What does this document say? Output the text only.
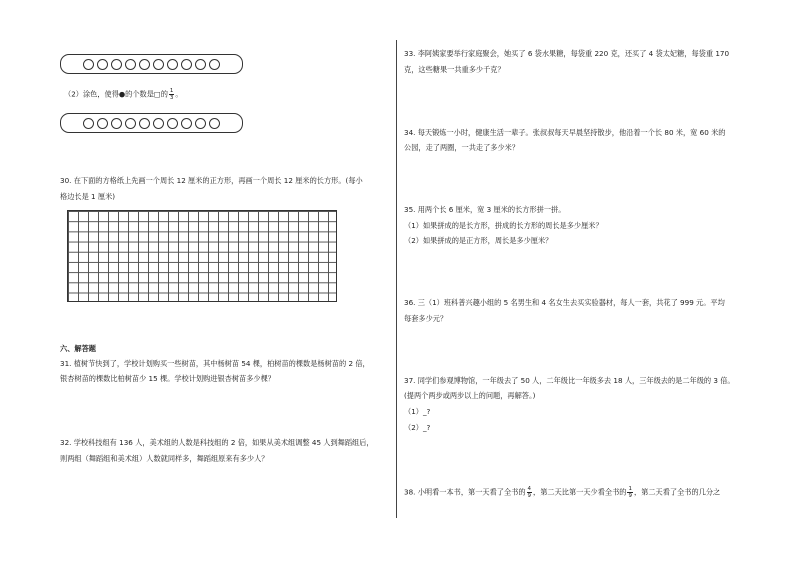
（2）涂色，使得●的个数是□的 $\frac{1}{3}$ 。
30. 在下面的方格纸上先画一个周长 12 厘米的正方形，再画一个周长 12 厘米的长方形。(每小
格边长是 1 厘米)
六、解答题
31. 植树节快到了，学校计划购买一些树苗，其中杨树苗 54 棵，柏树苗的棵数是杨树苗的 2 倍，
银杏树苗的棵数比柏树苗少 15 棵。学校计划购进银杏树苗多少棵？
32. 学校科技组有 136 人，美术组的人数是科技组的 2 倍，如果从美术组调整 45 人到舞蹈组后，
则两组（舞蹈组和美术组）人数就同样多，舞蹈组原来有多少人？
33. 李阿姨家要举行家庭聚会，她买了 6 袋水果糖，每袋重 220 克，还买了 4 袋太妃糖，每袋重 170
克，这些糖果一共重多少千克？
34. 每天锻炼一小时，健康生活一辈子。张叔叔每天早晨坚持散步，他沿着一个长 80 米，宽 60 米的
公园，走了两圈，一共走了多少米？
35. 用两个长 6 厘米，宽 3 厘米的长方形拼一拼。
（1）如果拼成的是长方形，拼成的长方形的周长是多少厘米？
（2）如果拼成的是正方形，周长是多少厘米？
36. 三（1）班科普兴趣小组的 5 名男生和 4 名女生去买实验器材，每人一套，共花了 999 元。平均
每套多少元？
37. 同学们参观博物馆，一年级去了 50 人，二年级比一年级多去 18 人，三年级去的是二年级的 3 倍。
(提两个两步或两步以上的问题，再解答。)
（1）_?
（2）_?
38. 小明看一本书，第一天看了全书的 $\frac{4}{9}$ ，第二天比第一天少看全书的 $\frac{1}{9}$ ，第二天看了全书的几分之
